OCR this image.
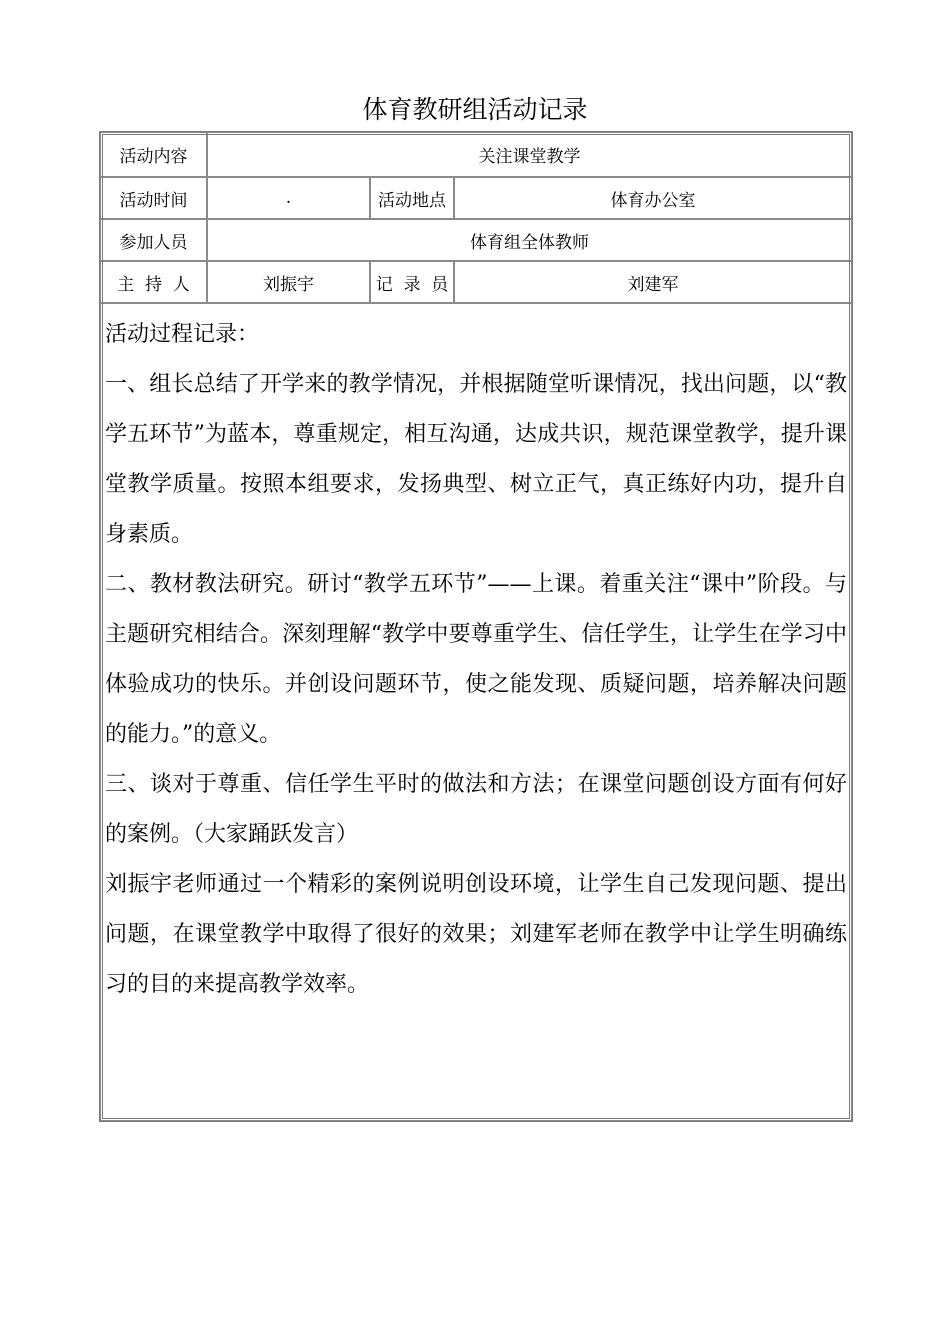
体育教研组活动记录
活动内容	关注课堂教学		
活动时间	.	活动地点	体育办公室
参加人员	体育组全体教师		
主  持  人	刘振宇	记  录  员	刘建军

活动过程记录：

一、组长总结了开学来的教学情况，并根据随堂听课情况，找出问题，以“教学五环节”为蓝本，尊重规定，相互沟通，达成共识，规范课堂教学，提升课堂教学质量。按照本组要求，发扬典型、树立正气，真正练好内功，提升自身素质。

二、教材教法研究。研讨“教学五环节”——上课。着重关注“课中”阶段。与主题研究相结合。深刻理解“教学中要尊重学生、信任学生，让学生在学习中体验成功的快乐。并创设问题环节，使之能发现、质疑问题，培养解决问题的能力。”的意义。

三、谈对于尊重、信任学生平时的做法和方法；在课堂问题创设方面有何好的案例。（大家踊跃发言）

刘振宇老师通过一个精彩的案例说明创设环境，让学生自己发现问题、提出问题，在课堂教学中取得了很好的效果；刘建军老师在教学中让学生明确练习的目的来提高教学效率。			
